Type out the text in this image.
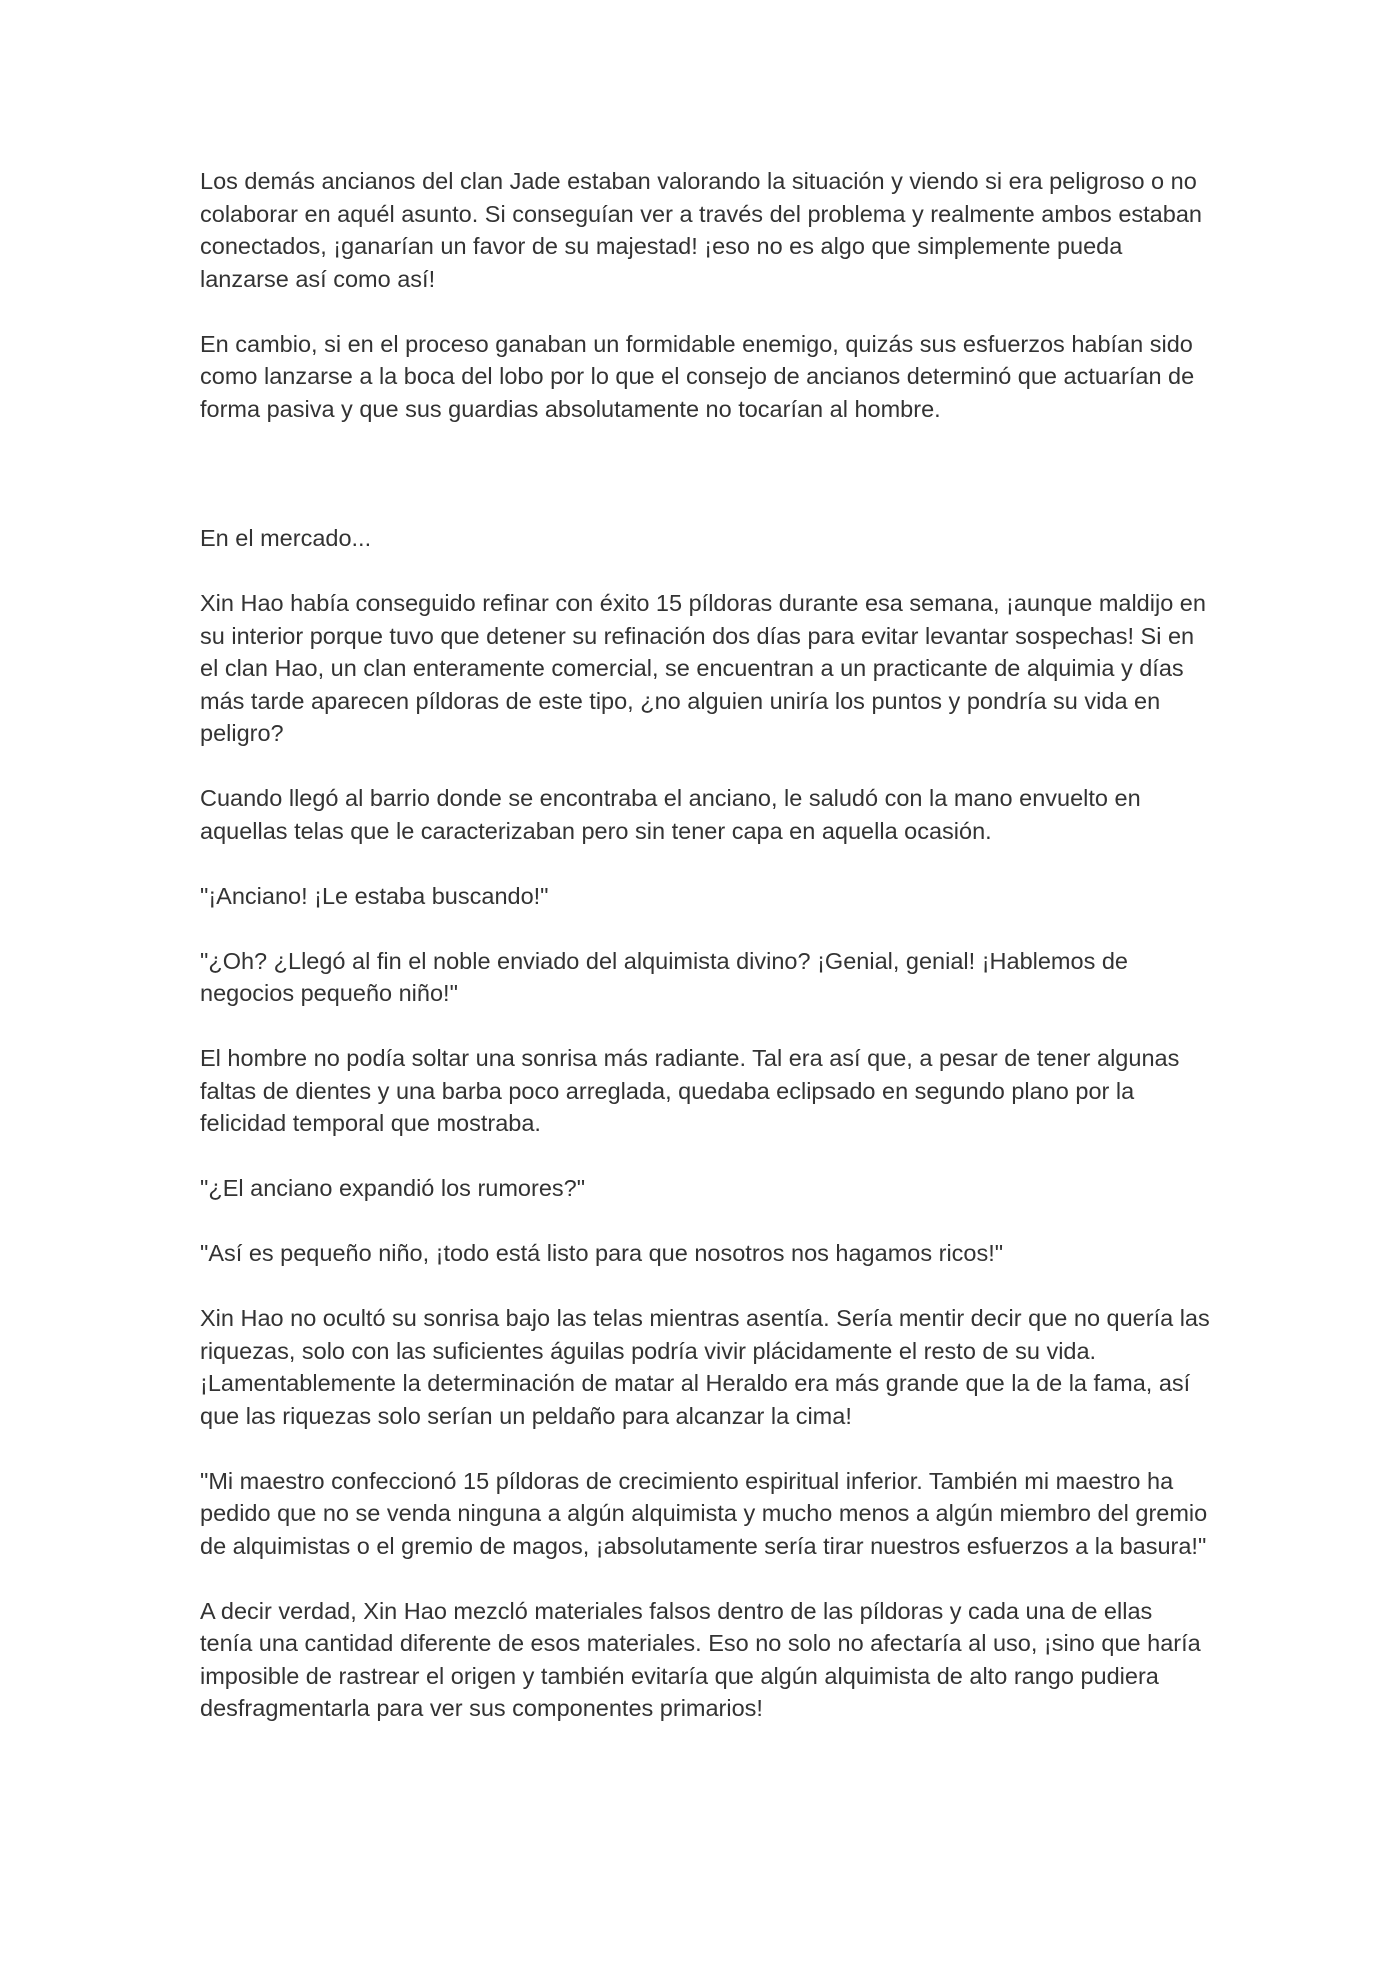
Los demás ancianos del clan Jade estaban valorando la situación y viendo si era peligroso o no colaborar en aquél asunto. Si conseguían ver a través del problema y realmente ambos estaban conectados, ¡ganarían un favor de su majestad! ¡eso no es algo que simplemente pueda lanzarse así como así!

En cambio, si en el proceso ganaban un formidable enemigo, quizás sus esfuerzos habían sido como lanzarse a la boca del lobo por lo que el consejo de ancianos determinó que actuarían de forma pasiva y que sus guardias absolutamente no tocarían al hombre.

En el mercado...

Xin Hao había conseguido refinar con éxito 15 píldoras durante esa semana, ¡aunque maldijo en su interior porque tuvo que detener su refinación dos días para evitar levantar sospechas! Si en el clan Hao, un clan enteramente comercial, se encuentran a un practicante de alquimia y días más tarde aparecen píldoras de este tipo, ¿no alguien uniría los puntos y pondría su vida en peligro?

Cuando llegó al barrio donde se encontraba el anciano, le saludó con la mano envuelto en aquellas telas que le caracterizaban pero sin tener capa en aquella ocasión.

"¡Anciano! ¡Le estaba buscando!"

"¿Oh? ¿Llegó al fin el noble enviado del alquimista divino? ¡Genial, genial! ¡Hablemos de negocios pequeño niño!"

El hombre no podía soltar una sonrisa más radiante. Tal era así que, a pesar de tener algunas faltas de dientes y una barba poco arreglada, quedaba eclipsado en segundo plano por la felicidad temporal que mostraba.

"¿El anciano expandió los rumores?"

"Así es pequeño niño, ¡todo está listo para que nosotros nos hagamos ricos!"

Xin Hao no ocultó su sonrisa bajo las telas mientras asentía. Sería mentir decir que no quería las riquezas, solo con las suficientes águilas podría vivir plácidamente el resto de su vida. ¡Lamentablemente la determinación de matar al Heraldo era más grande que la de la fama, así que las riquezas solo serían un peldaño para alcanzar la cima!

"Mi maestro confeccionó 15 píldoras de crecimiento espiritual inferior. También mi maestro ha pedido que no se venda ninguna a algún alquimista y mucho menos a algún miembro del gremio de alquimistas o el gremio de magos, ¡absolutamente sería tirar nuestros esfuerzos a la basura!"

A decir verdad, Xin Hao mezcló materiales falsos dentro de las píldoras y cada una de ellas tenía una cantidad diferente de esos materiales. Eso no solo no afectaría al uso, ¡sino que haría imposible de rastrear el origen y también evitaría que algún alquimista de alto rango pudiera desfragmentarla para ver sus componentes primarios!
